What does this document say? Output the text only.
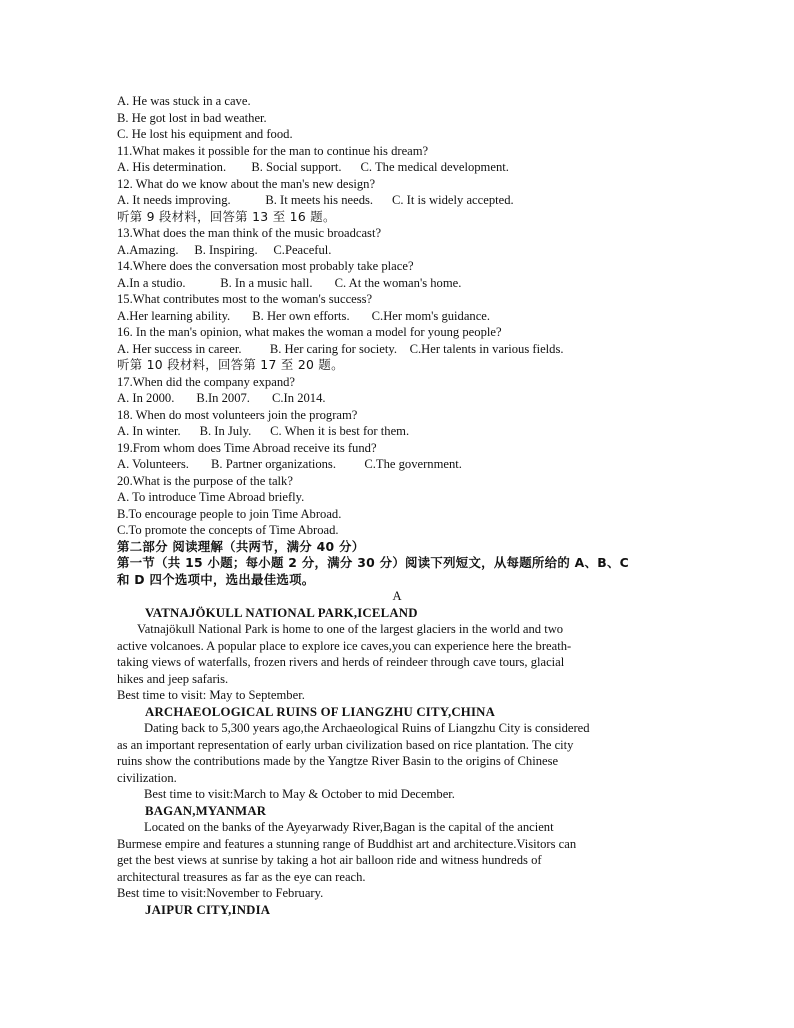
A. He was stuck in a cave.
B. He got lost in bad weather.
C. He lost his equipment and food.
11.What makes it possible for the man to continue his dream?
A. His determination. B. Social support. C. The medical development.
12. What do we know about the man's new design?
A. It needs improving.	B. It meets his needs. C. It is widely accepted.
听第 9 段材料，回答第 13 至 16 题。
13.What does the man think of the music broadcast?
A.Amazing. B. Inspiring. C.Peaceful.
14.Where does the conversation most probably take place?
A.In a studio.	B. In a music hall. C. At the woman's home.
15.What contributes most to the woman's success?
A.Her learning ability. B. Her own efforts. C.Her mom's guidance.
16. In the man's opinion, what makes the woman a model for young people?
A. Her success in career. B. Her caring for society. C.Her talents in various fields.
听第 10 段材料，回答第 17 至 20 题。
17.When did the company expand?
A. In 2000. B.In 2007. C.In 2014.
18. When do most volunteers join the program?
A. In winter. B. In July. C. When it is best for them.
19.From whom does Time Abroad receive its fund?
A. Volunteers. B. Partner organizations. C.The government.
20.What is the purpose of the talk?
A. To introduce Time Abroad briefly.
B.To encourage people to join Time Abroad.
C.To promote the concepts of Time Abroad.
第二部分 阅读理解（共两节，满分 40 分）
第一节（共 15 小题；每小题 2 分，满分 30 分）阅读下列短文，从每题所给的 A、B、C
和 D 四个选项中，选出最佳选项。
A
VATNAJÖKULL NATIONAL PARK,ICELAND
Vatnajökull National Park is home to one of the largest glaciers in the world and two
active volcanoes. A popular place to explore ice caves,you can experience here the breath-
taking views of waterfalls, frozen rivers and herds of reindeer through cave tours, glacial
hikes and jeep safaris.
Best time to visit: May to September.
ARCHAEOLOGICAL RUINS OF LIANGZHU CITY,CHINA
Dating back to 5,300 years ago,the Archaeological Ruins of Liangzhu City is considered
as an important representation of early urban civilization based on rice plantation. The city
ruins show the contributions made by the Yangtze River Basin to the origins of Chinese
civilization.
Best time to visit:March to May & October to mid December.
BAGAN,MYANMAR
Located on the banks of the Ayeyarwady River,Bagan is the capital of the ancient
Burmese empire and features a stunning range of Buddhist art and architecture.Visitors can
get the best views at sunrise by taking a hot air balloon ride and witness hundreds of
architectural treasures as far as the eye can reach.
Best time to visit:November to February.
JAIPUR CITY,INDIA
